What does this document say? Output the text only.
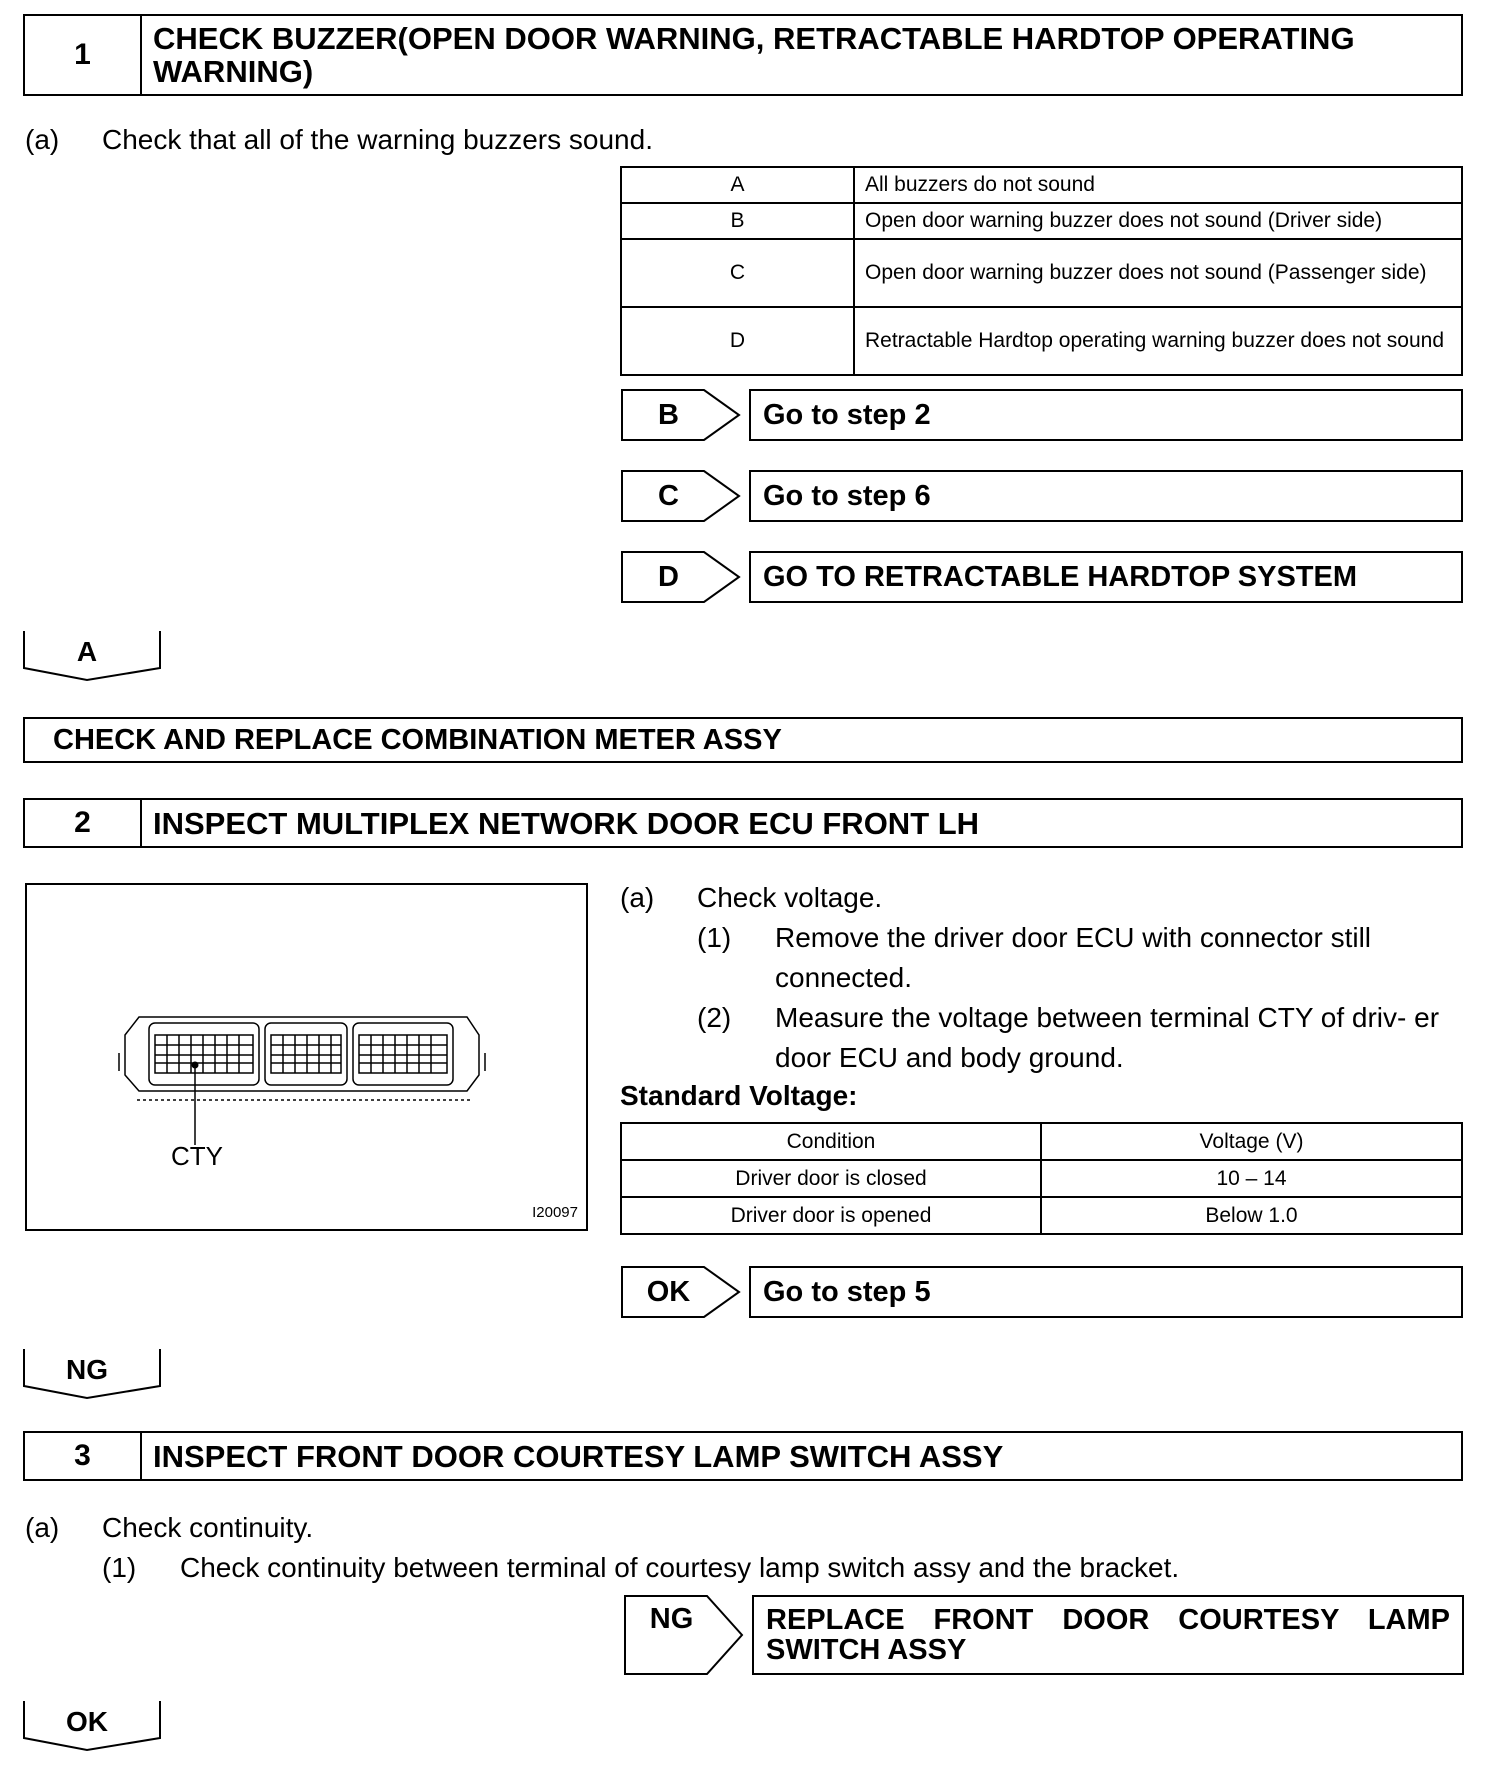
1	CHECK BUZZER(OPEN DOOR WARNING, RETRACTABLE HARDTOP OPERATING WARNING)
(a) Check that all of the warning buzzers sound.
A	All buzzers do not sound
B	Open door warning buzzer does not sound (Driver side)
C	Open door warning buzzer does not sound (Passenger side)
D	Retractable Hardtop operating warning buzzer does not sound
B	Go to step 2
C	Go to step 6
D	GO TO RETRACTABLE HARDTOP SYSTEM
A
CHECK AND REPLACE COMBINATION METER ASSY
2	INSPECT MULTIPLEX NETWORK DOOR ECU FRONT LH
CTY
I20097
(a) Check voltage.
(1) Remove the driver door ECU with connector still connected.
(2) Measure the voltage between terminal CTY of driv- er door ECU and body ground.
Standard Voltage:
Condition	Voltage (V)
Driver door is closed	10 – 14
Driver door is opened	Below 1.0
OK	Go to step 5
NG
3	INSPECT FRONT DOOR COURTESY LAMP SWITCH ASSY
(a) Check continuity.
(1) Check continuity between terminal of courtesy lamp switch assy and the bracket.
NG	REPLACE FRONT DOOR COURTESY LAMP
SWITCH ASSY
OK
